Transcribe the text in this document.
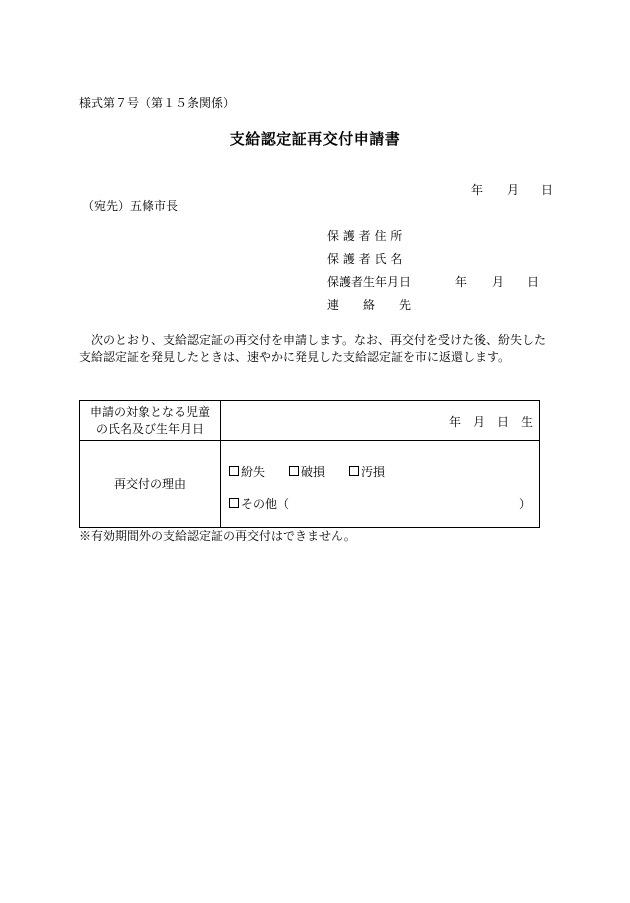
様式第７号（第１５条関係）
支給認定証再交付申請書
年 月 日
（宛先）五條市長
保 護 者 住 所
保 護 者 氏 名
保護者生年月日	年 月 日
連　　絡　　先
次のとおり、支給認定証の再交付を申請します。なお、再交付を受けた後、紛失した支給認定証を発見したときは、速やかに発見した支給認定証を市に返還します。
申請の対象となる児童
の氏名及び生年月日	年　月　日　生

再交付の理由	紛失 破損 汚損
その他（ ）
※有効期間外の支給認定証の再交付はできません。
